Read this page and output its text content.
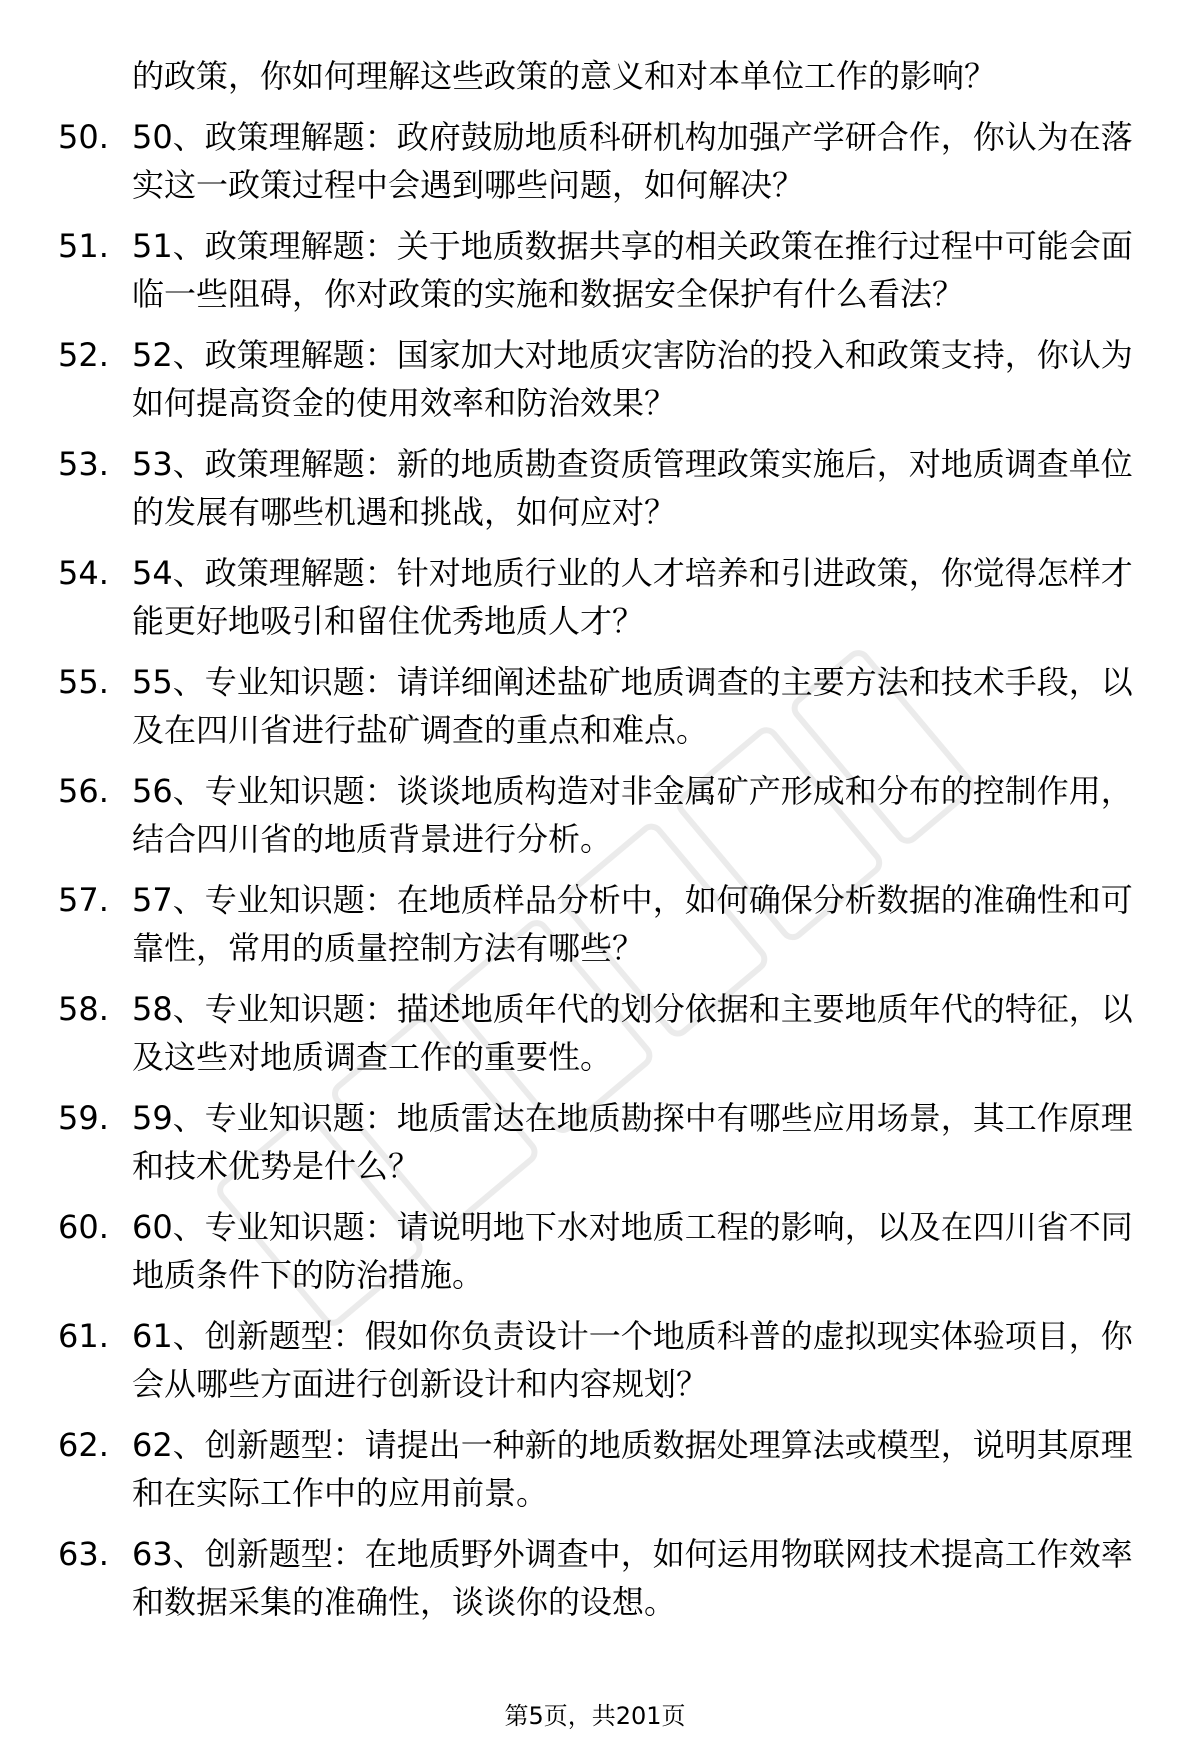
的政策，你如何理解这些政策的意义和对本单位工作的影响？
50. 50、政策理解题：政府鼓励地质科研机构加强产学研合作，你认为在落实这一政策过程中会遇到哪些问题，如何解决？
51. 51、政策理解题：关于地质数据共享的相关政策在推行过程中可能会面临一些阻碍，你对政策的实施和数据安全保护有什么看法？
52. 52、政策理解题：国家加大对地质灾害防治的投入和政策支持，你认为如何提高资金的使用效率和防治效果？
53. 53、政策理解题：新的地质勘查资质管理政策实施后，对地质调查单位的发展有哪些机遇和挑战，如何应对？
54. 54、政策理解题：针对地质行业的人才培养和引进政策，你觉得怎样才能更好地吸引和留住优秀地质人才？
55. 55、专业知识题：请详细阐述盐矿地质调查的主要方法和技术手段，以及在四川省进行盐矿调查的重点和难点。
56. 56、专业知识题：谈谈地质构造对非金属矿产形成和分布的控制作用，结合四川省的地质背景进行分析。
57. 57、专业知识题：在地质样品分析中，如何确保分析数据的准确性和可靠性，常用的质量控制方法有哪些？
58. 58、专业知识题：描述地质年代的划分依据和主要地质年代的特征，以及这些对地质调查工作的重要性。
59. 59、专业知识题：地质雷达在地质勘探中有哪些应用场景，其工作原理和技术优势是什么？
60. 60、专业知识题：请说明地下水对地质工程的影响，以及在四川省不同地质条件下的防治措施。
61. 61、创新题型：假如你负责设计一个地质科普的虚拟现实体验项目，你会从哪些方面进行创新设计和内容规划？
62. 62、创新题型：请提出一种新的地质数据处理算法或模型，说明其原理和在实际工作中的应用前景。
63. 63、创新题型：在地质野外调查中，如何运用物联网技术提高工作效率和数据采集的准确性，谈谈你的设想。
第5页，共201页
